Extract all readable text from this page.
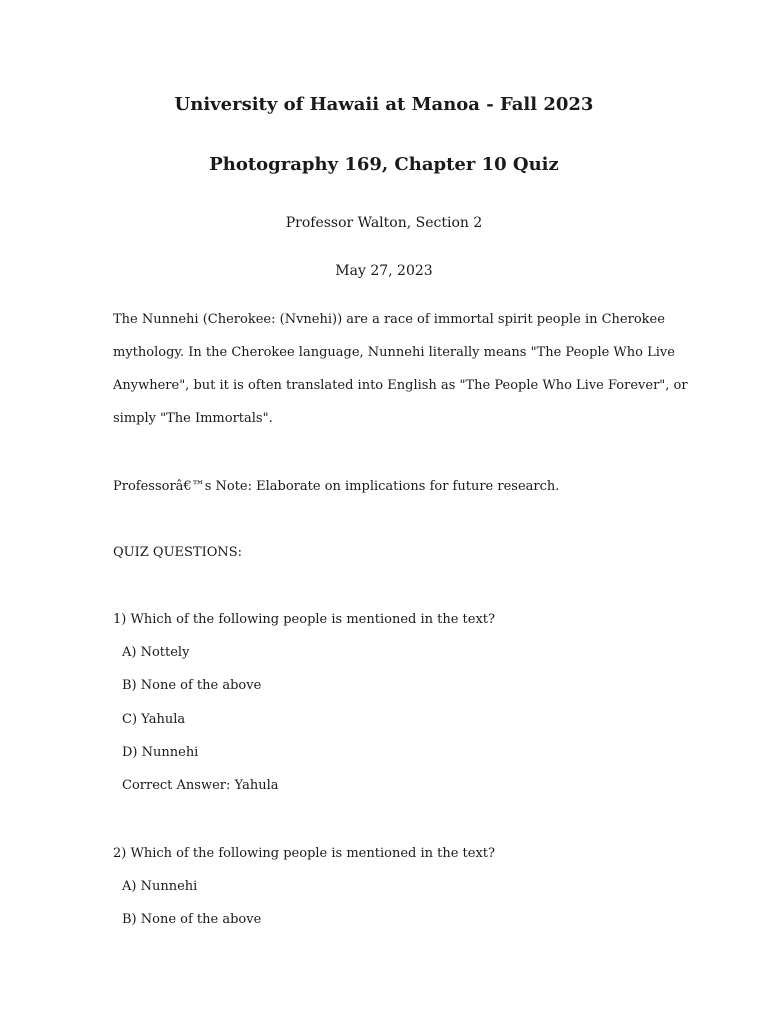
University of Hawaii at Manoa - Fall 2023
Photography 169, Chapter 10 Quiz

Professor Walton, Section 2

May 27, 2023

The Nunnehi (Cherokee: (Nvnehi)) are a race of immortal spirit people in Cherokee

mythology. In the Cherokee language, Nunnehi literally means "The People Who Live

Anywhere", but it is often translated into English as "The People Who Live Forever", or

simply "The Immortals".

Professorâ€™s Note: Elaborate on implications for future research.

QUIZ QUESTIONS:

1) Which of the following people is mentioned in the text?

A) Nottely

B) None of the above

C) Yahula

D) Nunnehi

Correct Answer: Yahula

2) Which of the following people is mentioned in the text?

A) Nunnehi

B) None of the above
